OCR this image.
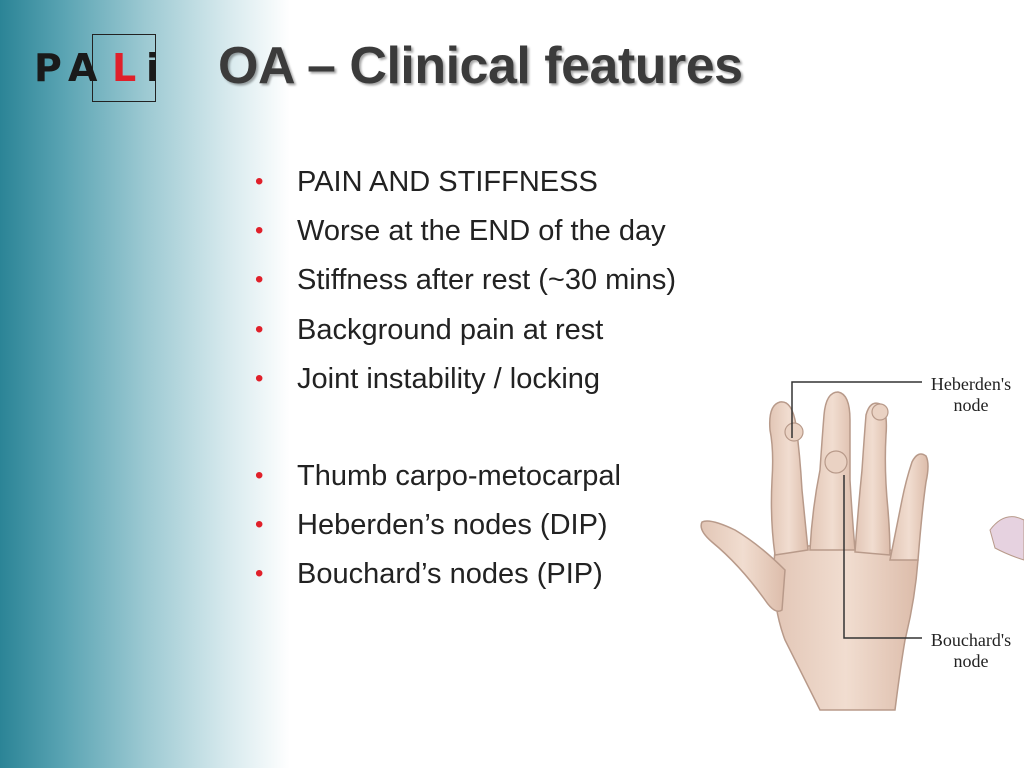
P A L i OA – Clinical features
• PAIN AND STIFFNESS
• Worse at the END of the day
• Stiffness after rest (~30 mins)
• Background pain at rest
• Joint instability / locking
• Thumb carpo-metocarpal
• Heberden’s nodes (DIP)
• Bouchard’s nodes (PIP)
Heberden's
node
Bouchard's
node
